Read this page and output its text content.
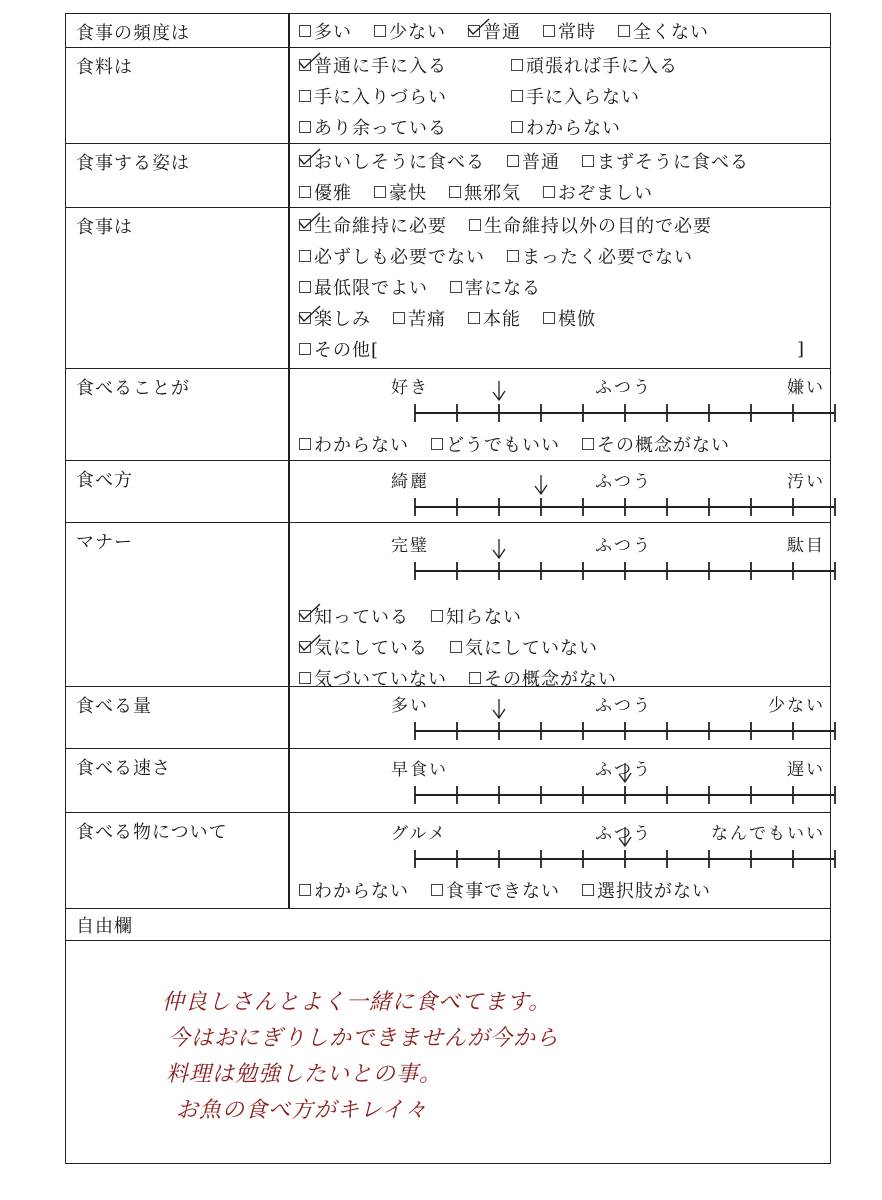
食事の頻度は	多い 少ない 普通 常時 全くない
食料は	普通に手に入る	頑張れば手に入る
手に入りづらい	手に入らない
あり余っている	わからない
食事する姿は	おいしそうに食べる 普通 まずそうに食べる
優雅 豪快 無邪気 おぞましい
食事は	生命維持に必要 生命維持以外の目的で必要
必ずしも必要でない まったく必要でない
最低限でよい 害になる
楽しみ 苦痛 本能 模倣
その他[	]
食べることが	好き	ふつう	嫌い
わからない どうでもいい その概念がない
食べ方	綺麗	ふつう	汚い
マナー	完璧	ふつう	駄目
知っている 知らない
気にしている 気にしていない
気づいていない その概念がない
食べる量	多い	ふつう	少ない
食べる速さ	早食い	ふつう	遅い
食べる物について	グルメ	ふつう	なんでもいい
わからない 食事できない 選択肢がない
自由欄
仲良しさんとよく一緒に食べてます。
今はおにぎりしかできませんが今から
料理は勉強したいとの事。
お魚の食べ方がキレイ々
